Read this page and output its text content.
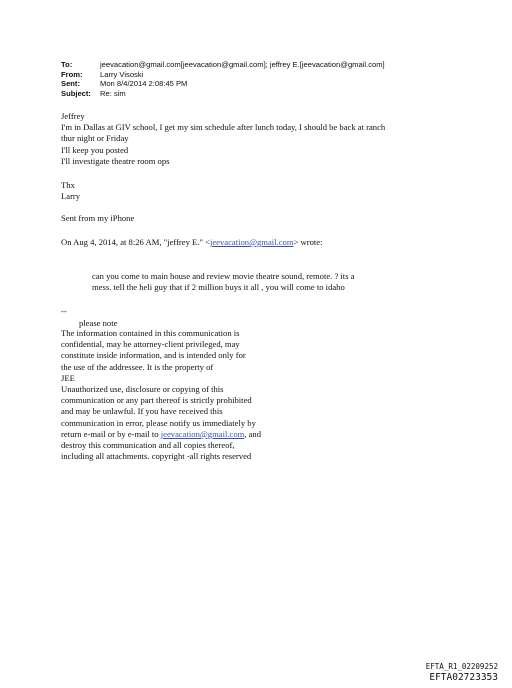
To:	jeevacation@gmail.com[jeevacation@gmail.com]; jeffrey E.[jeevacation@gmail.com]
From:	Larry Visoski
Sent:	Mon 8/4/2014 2:08:45 PM
Subject:	Re: sim
Jeffrey
I'm in Dallas at GIV school, I get my sim schedule after lunch today, I should be back at ranch
thur night or Friday
I'll keep you posted
I'll investigate theatre room ops
Thx
Larry
Sent from my iPhone
On Aug 4, 2014, at 8:26 AM, "jeffrey E." <jeevacation@gmail.com> wrote:
can you come to main house and review movie theatre sound, remote. ? its a
mess. tell the heli guy that if 2 million buys it all , you will come to idaho
--
please note
The information contained in this communication is
confidential, may be attorney-client privileged, may
constitute inside information, and is intended only for
the use of the addressee. It is the property of
JEE
Unauthorized use, disclosure or copying of this
communication or any part thereof is strictly prohibited
and may be unlawful. If you have received this
communication in error, please notify us immediately by
return e-mail or by e-mail to jeevacation@gmail.com, and
destroy this communication and all copies thereof,
including all attachments. copyright -all rights reserved
EFTA_R1_02209252
EFTA02723353
